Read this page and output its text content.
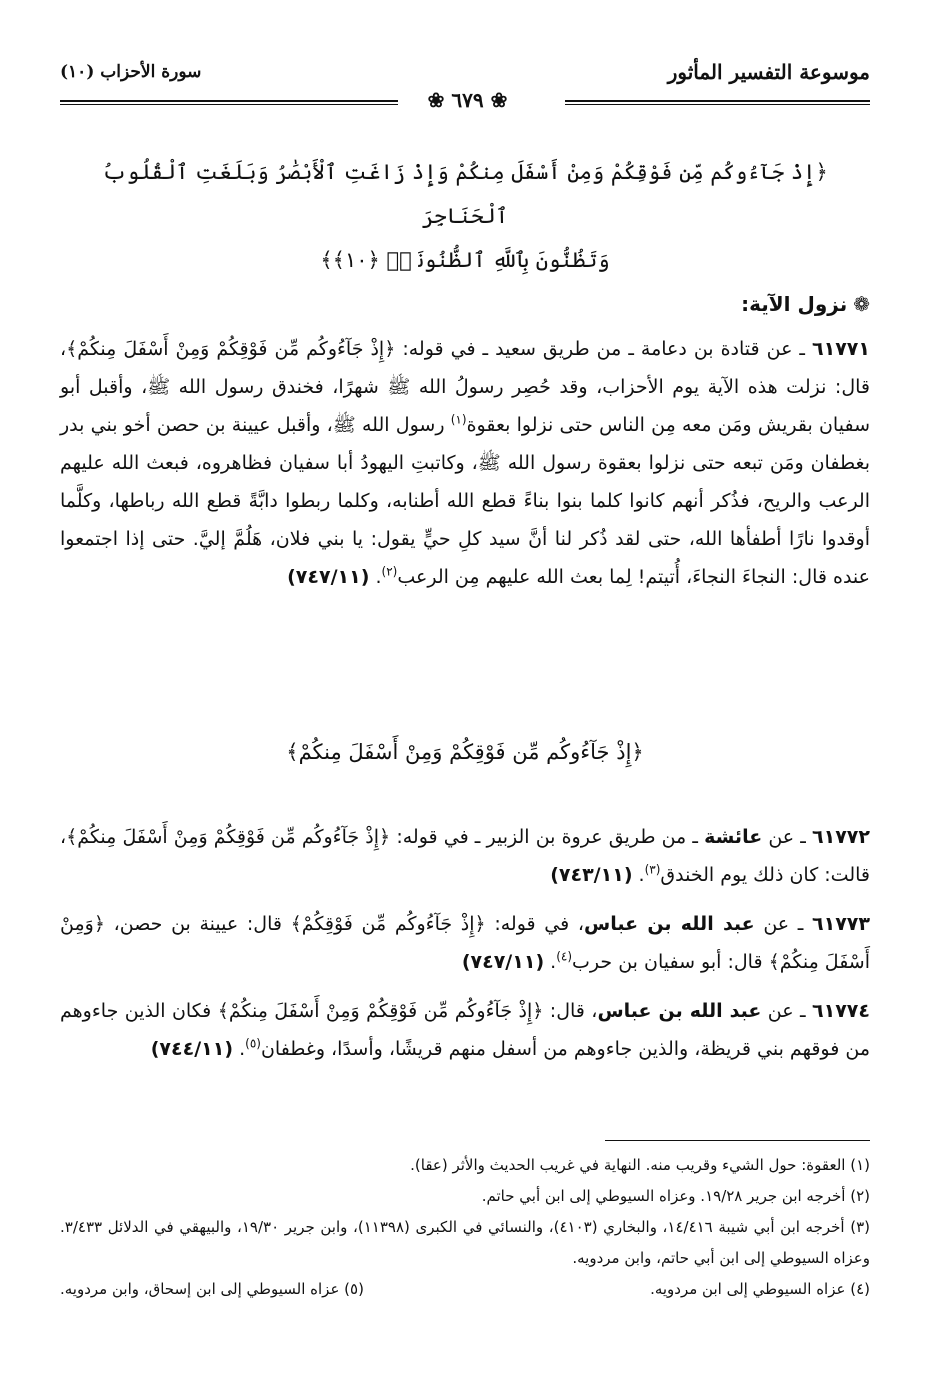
موسوعة التفسير المأثور
سورة الأحزاب (١٠)
❀ ٦٧٩ ❀
﴿إِذْ جَآءُوكُم مِّن فَوْقِكُمْ وَمِنْ أَسْفَلَ مِنكُمْ وَإِذْ زَاغَتِ ٱلْأَبْصَٰرُ وَبَلَغَتِ ٱلْقُلُوبُ ٱلْحَنَاجِرَ
وَتَظُنُّونَ بِٱللَّهِ ٱلظُّنُونَا۠ ﴿١٠﴾﴾
❁نزول الآية:
٦١٧٧١ ـ عن قتادة بن دعامة ـ من طريق سعيد ـ في قوله: ﴿إِذْ جَآءُوكُم مِّن فَوْقِكُمْ وَمِنْ أَسْفَلَ مِنكُمْ﴾، قال: نزلت هذه الآية يوم الأحزاب، وقد حُصِر رسولُ الله ﷺ شهرًا، فخندق رسول الله ﷺ، وأقبل أبو سفيان بقريش ومَن معه مِن الناس حتى نزلوا بعقوة$^{(١)}$ رسول الله ﷺ، وأقبل عيينة بن حصن أخو بني بدر بغطفان ومَن تبعه حتى نزلوا بعقوة رسول الله ﷺ، وكاتبتِ اليهودُ أبا سفيان فظاهروه، فبعث الله عليهم الرعب والريح، فذُكر أنهم كانوا كلما بنوا بناءً قطع الله أطنابه، وكلما ربطوا دابَّةً قطع الله رباطها، وكلَّما أوقدوا نارًا أطفأها الله، حتى لقد ذُكر لنا أنَّ سيد كلِ حيٍّ يقول: يا بني فلان، هَلُمَّ إليَّ. حتى إذا اجتمعوا عنده قال: النجاءَ النجاءَ، أُتيتم! لِما بعث الله عليهم مِن الرعب$^{(٢)}$. (٧٤٧/١١)
﴿إِذْ جَآءُوكُم مِّن فَوْقِكُمْ وَمِنْ أَسْفَلَ مِنكُمْ﴾
٦١٧٧٢ ـ عن عائشة ـ من طريق عروة بن الزبير ـ في قوله: ﴿إِذْ جَآءُوكُم مِّن فَوْقِكُمْ وَمِنْ أَسْفَلَ مِنكُمْ﴾، قالت: كان ذلك يوم الخندق$^{(٣)}$. (٧٤٣/١١)
٦١٧٧٣ ـ عن عبد الله بن عباس، في قوله: ﴿إِذْ جَآءُوكُم مِّن فَوْقِكُمْ﴾ قال: عيينة بن حصن، ﴿وَمِنْ أَسْفَلَ مِنكُمْ﴾ قال: أبو سفيان بن حرب$^{(٤)}$. (٧٤٧/١١)
٦١٧٧٤ ـ عن عبد الله بن عباس، قال: ﴿إِذْ جَآءُوكُم مِّن فَوْقِكُمْ وَمِنْ أَسْفَلَ مِنكُمْ﴾ فكان الذين جاءوهم من فوقهم بني قريظة، والذين جاءوهم من أسفل منهم قريشًا، وأسدًا، وغطفان$^{(٥)}$. (٧٤٤/١١)
(١) العقوة: حول الشيء وقريب منه. النهاية في غريب الحديث والأثر (عقا).
(٢) أخرجه ابن جرير ١٩/٢٨. وعزاه السيوطي إلى ابن أبي حاتم.
(٣) أخرجه ابن أبي شيبة ١٤/٤١٦، والبخاري (٤١٠٣)، والنسائي في الكبرى (١١٣٩٨)، وابن جرير ١٩/٣٠، والبيهقي في الدلائل ٣/٤٣٣. وعزاه السيوطي إلى ابن أبي حاتم، وابن مردويه.
(٤) عزاه السيوطي إلى ابن مردويه.
(٥) عزاه السيوطي إلى ابن إسحاق، وابن مردويه.
